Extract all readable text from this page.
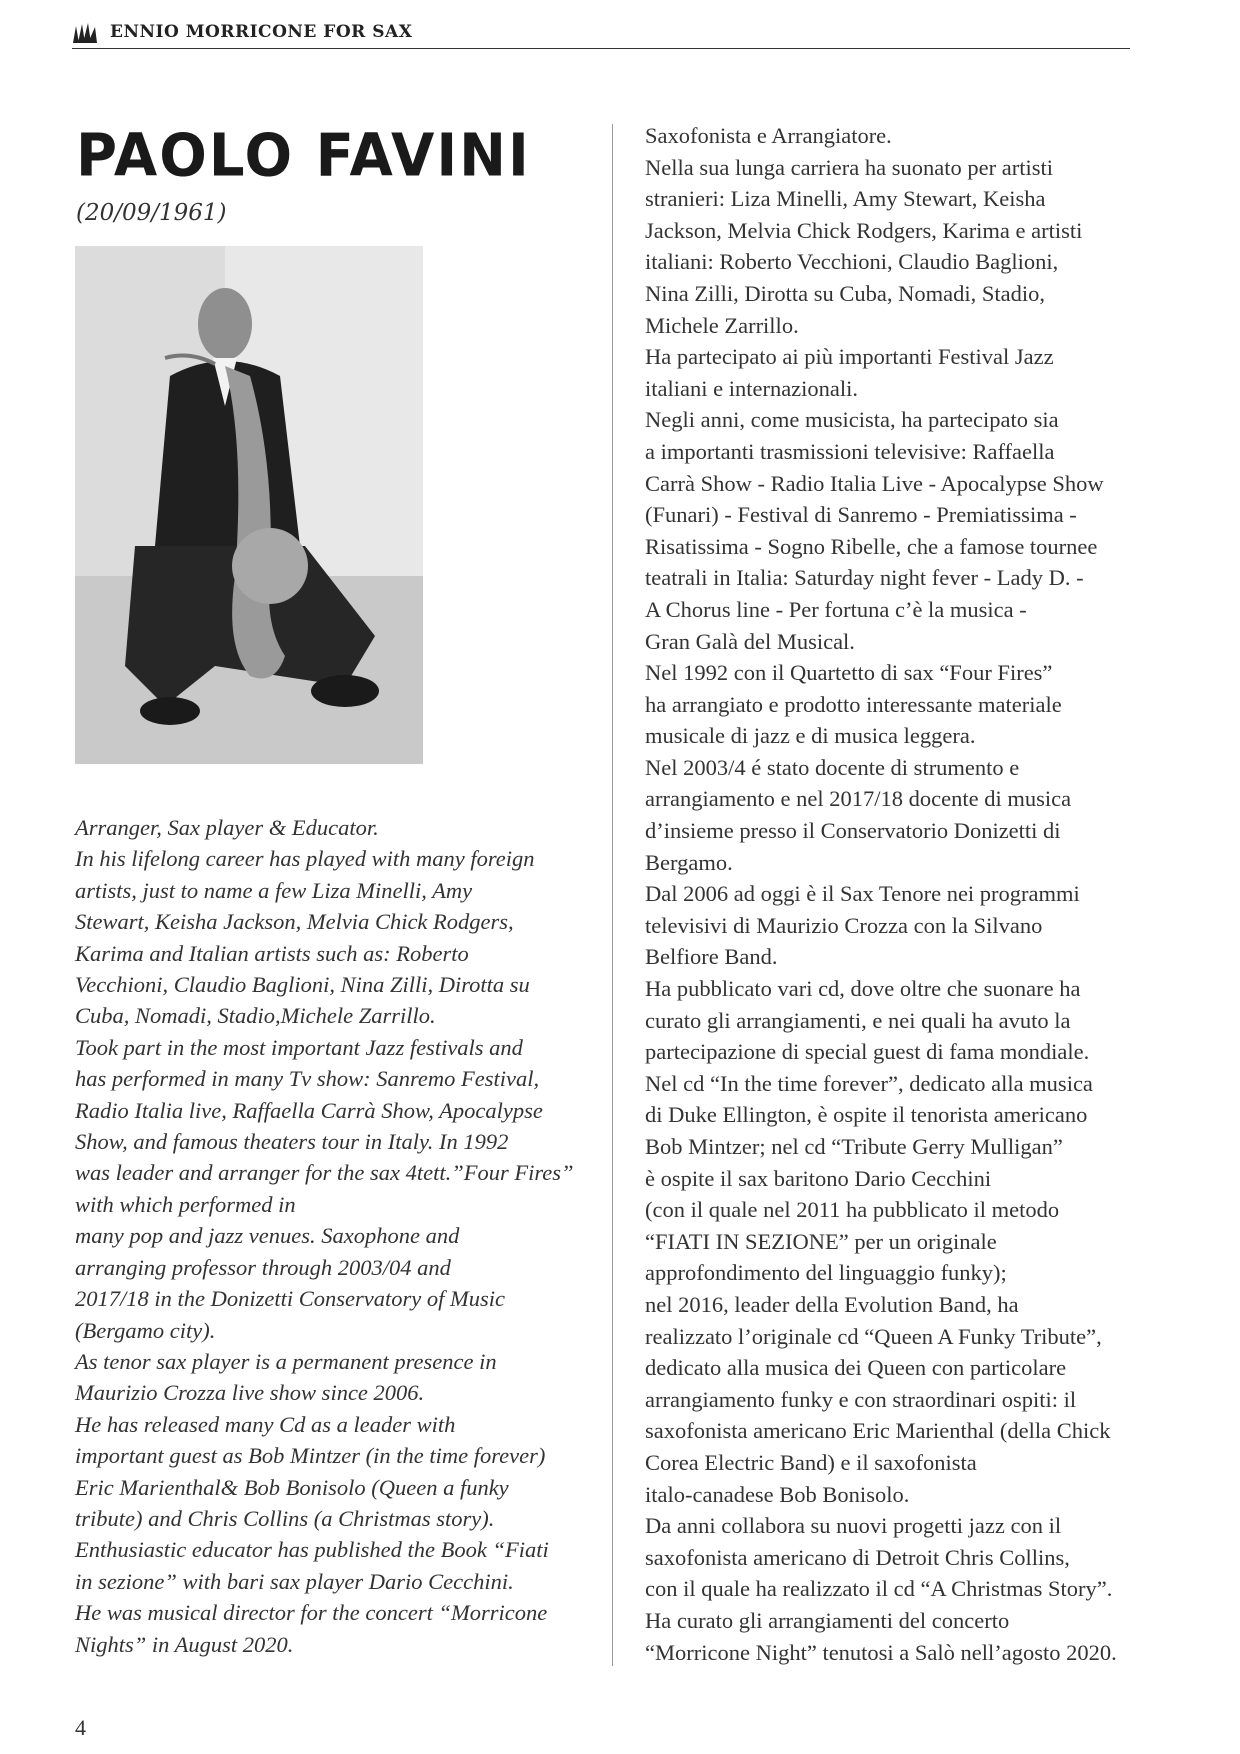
ENNIO MORRICONE FOR SAX
PAOLO FAVINI
(20/09/1961)
Arranger, Sax player & Educator.
In his lifelong career has played with many foreign
artists, just to name a few Liza Minelli, Amy
Stewart, Keisha Jackson, Melvia Chick Rodgers,
Karima and Italian artists such as: Roberto
Vecchioni, Claudio Baglioni, Nina Zilli, Dirotta su
Cuba, Nomadi, Stadio,Michele Zarrillo.
Took part in the most important Jazz festivals and
has performed in many Tv show: Sanremo Festival,
Radio Italia live, Raffaella Carrà Show, Apocalypse
Show, and famous theaters tour in Italy. In 1992
was leader and arranger for the sax 4tett.”Four Fires”
with which performed in
many pop and jazz venues. Saxophone and
arranging professor through 2003/04 and
2017/18 in the Donizetti Conservatory of Music
(Bergamo city).
As tenor sax player is a permanent presence in
Maurizio Crozza live show since 2006.
He has released many Cd as a leader with
important guest as Bob Mintzer (in the time forever)
Eric Marienthal& Bob Bonisolo (Queen a funky
tribute) and Chris Collins (a Christmas story).
Enthusiastic educator has published the Book “Fiati
in sezione” with bari sax player Dario Cecchini.
He was musical director for the concert “Morricone
Nights” in August 2020.
Saxofonista e Arrangiatore.
Nella sua lunga carriera ha suonato per artisti
stranieri: Liza Minelli, Amy Stewart, Keisha
Jackson, Melvia Chick Rodgers, Karima e artisti
italiani: Roberto Vecchioni, Claudio Baglioni,
Nina Zilli, Dirotta su Cuba, Nomadi, Stadio,
Michele Zarrillo.
Ha partecipato ai più importanti Festival Jazz
italiani e internazionali.
Negli anni, come musicista, ha partecipato sia
a importanti trasmissioni televisive: Raffaella
Carrà Show - Radio Italia Live - Apocalypse Show
(Funari) - Festival di Sanremo - Premiatissima -
Risatissima - Sogno Ribelle, che a famose tournee
teatrali in Italia: Saturday night fever - Lady D. -
A Chorus line - Per fortuna c’è la musica -
Gran Galà del Musical.
Nel 1992 con il Quartetto di sax “Four Fires”
ha arrangiato e prodotto interessante materiale
musicale di jazz e di musica leggera.
Nel 2003/4 é stato docente di strumento e
arrangiamento e nel 2017/18 docente di musica
d’insieme presso il Conservatorio Donizetti di
Bergamo.
Dal 2006 ad oggi è il Sax Tenore nei programmi
televisivi di Maurizio Crozza con la Silvano
Belfiore Band.
Ha pubblicato vari cd, dove oltre che suonare ha
curato gli arrangiamenti, e nei quali ha avuto la
partecipazione di special guest di fama mondiale.
Nel cd “In the time forever”, dedicato alla musica
di Duke Ellington, è ospite il tenorista americano
Bob Mintzer; nel cd “Tribute Gerry Mulligan”
è ospite il sax baritono Dario Cecchini
(con il quale nel 2011 ha pubblicato il metodo
“FIATI IN SEZIONE” per un originale
approfondimento del linguaggio funky);
nel 2016, leader della Evolution Band, ha
realizzato l’originale cd “Queen A Funky Tribute”,
dedicato alla musica dei Queen con particolare
arrangiamento funky e con straordinari ospiti: il
saxofonista americano Eric Marienthal (della Chick
Corea Electric Band) e il saxofonista
italo-canadese Bob Bonisolo.
Da anni collabora su nuovi progetti jazz con il
saxofonista americano di Detroit Chris Collins,
con il quale ha realizzato il cd “A Christmas Story”.
Ha curato gli arrangiamenti del concerto
“Morricone Night” tenutosi a Salò nell’agosto 2020.
4
